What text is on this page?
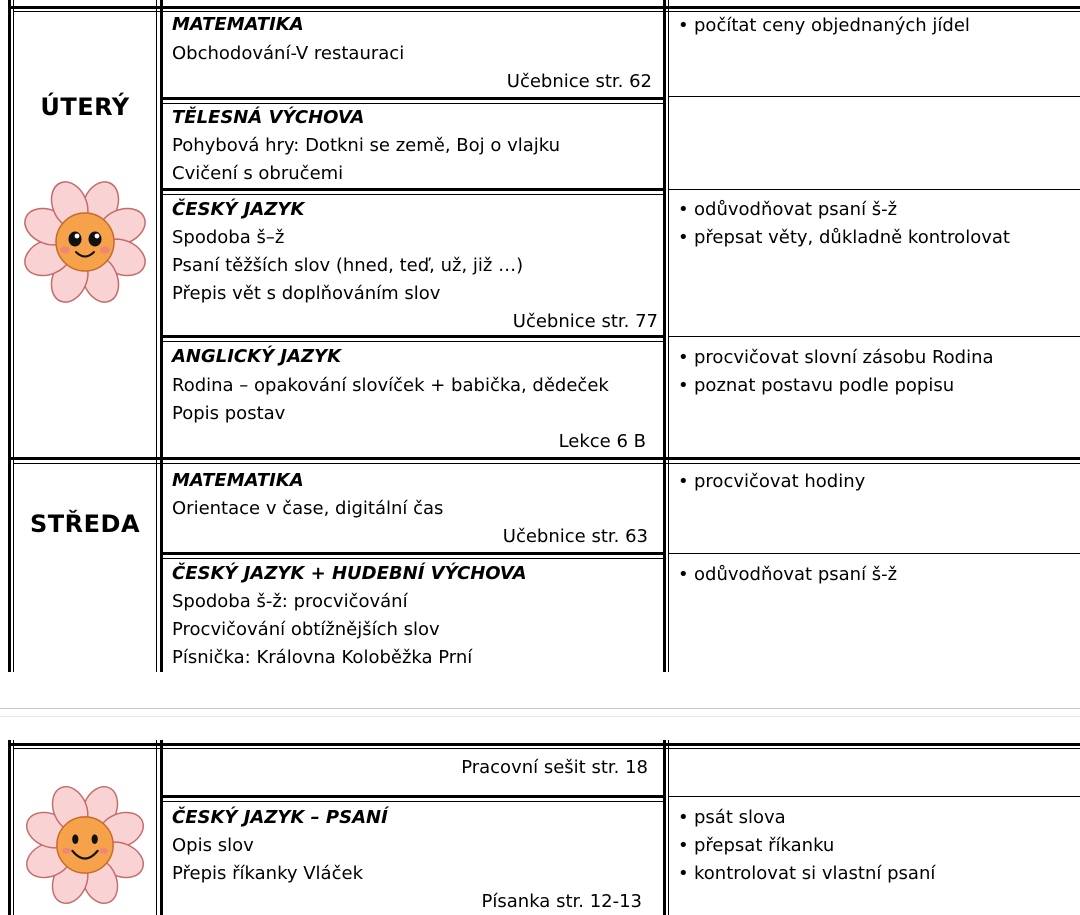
ÚTERÝ
STŘEDA
MATEMATIKA
Obchodování-V restauraci
Učebnice str. 62
• počítat ceny objednaných jídel
TĚLESNÁ VÝCHOVA
Pohybová hry: Dotkni se země, Boj o vlajku
Cvičení s obručemi
ČESKÝ JAZYK
Spodoba š–ž
Psaní těžších slov (hned, teď, už, již …)
Přepis vět s doplňováním slov
Učebnice str. 77
• odůvodňovat psaní š-ž
• přepsat věty, důkladně kontrolovat
ANGLICKÝ JAZYK
Rodina – opakování slovíček + babička, dědeček
Popis postav
Lekce 6 B
• procvičovat slovní zásobu Rodina
• poznat postavu podle popisu
MATEMATIKA
Orientace v čase, digitální čas
Učebnice str. 63
• procvičovat hodiny
ČESKÝ JAZYK + HUDEBNÍ VÝCHOVA
Spodoba š-ž: procvičování
Procvičování obtížnějších slov
Písnička: Královna Koloběžka Prní
• odůvodňovat psaní š-ž
Pracovní sešit str. 18
ČESKÝ JAZYK – PSANÍ
Opis slov
Přepis říkanky Vláček
Písanka str. 12-13
• psát slova
• přepsat říkanku
• kontrolovat si vlastní psaní
